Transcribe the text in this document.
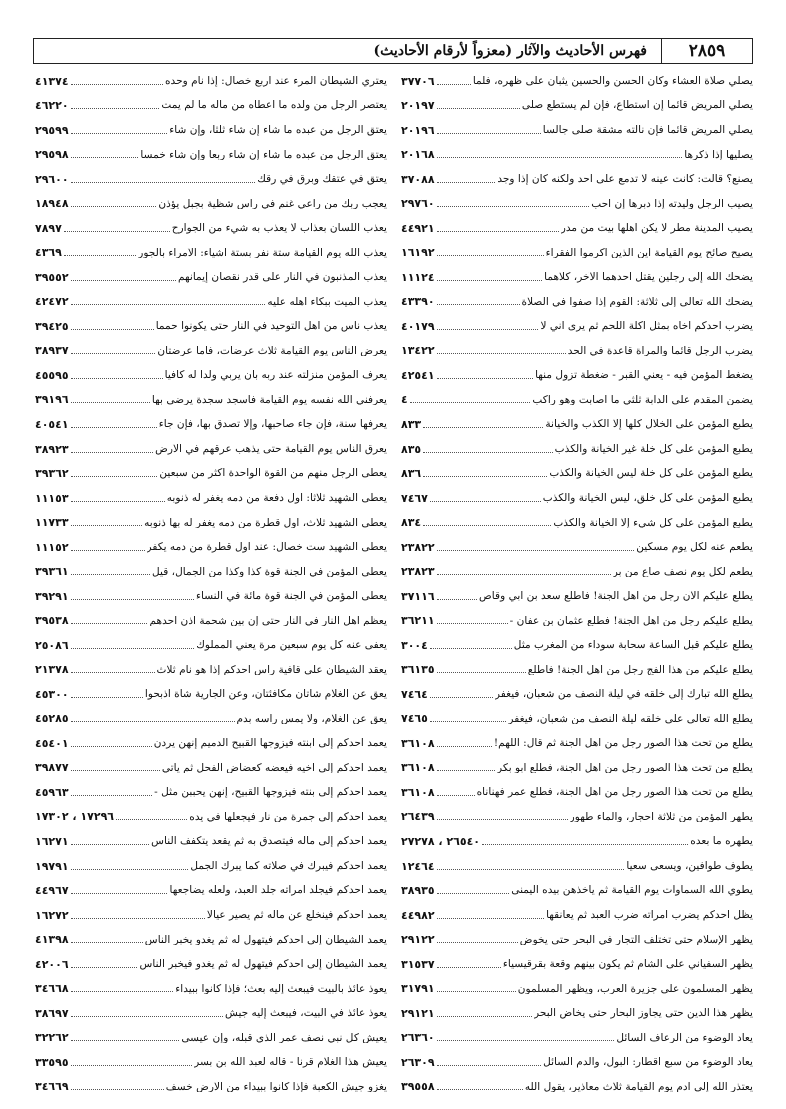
٢٨٥٩
فهرس الأحاديث والآثار (معزواً لأرقام الأحاديث)
يصلي صلاة العشاء وكان الحسن والحسين يثبان على ظهره، فلما
٣٧٧٠٦
يصلي المريض قائما إن استطاع، فإن لم يستطع صلى
٢٠١٩٧
يصلي المريض قائما فإن نالته مشقة صلى جالسا
٢٠١٩٦
يصليها إذا ذكرها
٢٠١٦٨
يصنع؟ قالت: كانت عينه لا تدمع على أحد ولكنه كان إذا وجد
٣٧٠٨٨
يصيب الرجل وليدته إذا دبرها إن أحب
٢٩٧٦٠
يصيب المدينة مطر لا يكن أهلها بيت من مدر
٤٤٩٢١
يصيح صائح يوم القيامة أين الذين أكرموا الفقراء
١٦١٩٢
يضحك الله إلى رجلين يقتل أحدهما الآخر، كلاهما
١١١٢٤
يضحك الله تعالى إلى ثلاثة: القوم إذا صفوا في الصلاة
٤٣٣٩٠
يضرب أحدكم أخاه بمثل آكلة اللحم ثم يرى أني لا
٤٠١٧٩
يضرب الرجل قائماً والمرأة قاعدة في الحد
١٣٤٢٢
يضغط المؤمن فيه - يعني القبر - ضغطة تزول منها
٤٢٥٤١
يضمن المقدم على الدابة ثلثي ما أصابت وهو راكب
٤
يطبع المؤمن على الخلال كلها إلا الكذب والخيانة
٨٣٣
يطبع المؤمن على كل خلة غير الخيانة والكذب
٨٣٥
يطبع المؤمن على كل خلة ليس الخيانة والكذب
٨٣٦
يطبع المؤمن على كل خلق، ليس الخيانة والكذب
٧٤٦٧
يطبع المؤمن على كل شيء إلا الخيانة والكذب
٨٣٤
يطعم عنه لكل يوم مسكين
٢٣٨٢٢
يطعم لكل يوم نصف صاع من بر
٢٣٨٢٣
يطلع عليكم الآن رجل من أهل الجنة! فاطلع سعد بن أبي وقاص
٣٧١١٦
يطلع عليكم رجل من أهل الجنة! فطلع عثمان بن عفان -
٣٦٢١١
يطلع عليكم قبل الساعة سحابة سوداء من المغرب مثل
٣٠٠٤
يطلع عليكم من هذا الفج رجل من أهل الجنة! فاطلع
٣٦١٣٥
يطلع الله تبارك إلى خلقه في ليلة النصف من شعبان، فيغفر
٧٤٦٤
يطلع الله تعالى على خلقه ليلة النصف من شعبان، فيغفر
٧٤٦٥
يطلع من تحت هذا الصور رجل من أهل الجنة ثم قال: اللهم!
٣٦١٠٨
يطلع من تحت هذا الصور رجل من أهل الجنة، فطلع أبو بكر
٣٦١٠٨
يطلع من تحت هذا الصور رجل من أهل الجنة، فطلع عمر فهنأناه
٣٦١٠٨
يطهر المؤمن من ثلاثة أحجار، والماء طهور
٢٦٤٣٩
يطهره ما بعده
٢٦٥٤٠ ، ٢٧٢٧٨
يطوف طوافين، ويسعى سعيا
١٢٤٦٤
يطوي الله السماوات يوم القيامة ثم يأخذهن بيده اليمنى
٣٨٩٣٥
يظل أحدكم يضرب امرأته ضرب العبد ثم يعانقها
٤٤٩٨٢
يظهر الإسلام حتى تختلف التجار في البحر حتى يخوض
٢٩١٢٢
يظهر السفياني على الشام ثم يكون بينهم وقعة بقرقيسياء
٣١٥٣٧
يظهر المسلمون على جزيرة العرب، ويظهر المسلمون
٣١٧٩١
يظهر هذا الدين حتى يجاوز البحار حتى يخاض البحر
٢٩١٢١
يعاد الوضوء من الرعاف السائل
٢٦٣٦٠
يعاد الوضوء من سبع أقطار: البول، والدم السائل
٢٦٣٠٩
يعتذر الله إلى آدم يوم القيامة ثلاث معاذير، يقول الله
٣٩٥٥٨
يعتري الشيطان المرء عند أربع خصال: إذا نام وحده
٤١٣٧٤
يعتصر الرجل من ولده ما أعطاه من ماله ما لم يمت
٤٦٢٢٠
يعتق الرجل من عبده ما شاء إن شاء ثلثا، وإن شاء
٢٩٥٩٩
يعتق الرجل من عبده ما شاء إن شاء ربعا وإن شاء خمسا
٢٩٥٩٨
يعتق في عتقك وبرق في رقك
٢٩٦٠٠
يعجب ربك من راعي غنم في رأس شظية بجبل يؤذن
١٨٩٤٨
يعذب اللسان بعذاب لا يعذب به شيء من الجوارح
٧٨٩٧
يعذب الله يوم القيامة ستة نفر بستة أشياء: الأمراء بالجور
٤٣٦٩
يعذب المذنبون في النار على قدر نقصان إيمانهم
٣٩٥٥٢
يعذب الميت ببكاء أهله عليه
٤٢٤٧٢
يعذب ناس من أهل التوحيد في النار حتى يكونوا حمما
٣٩٤٢٥
يعرض الناس يوم القيامة ثلاث عرضات، فأما عرضتان
٣٨٩٣٧
يعرف المؤمن منزلته عند ربه بأن يربي ولدا له كافيا
٤٥٥٩٥
يعرفني الله نفسه يوم القيامة فأسجد سجدة يرضى بها
٣٩١٩٦
يعرفها سنة، فإن جاء صاحبها، وإلا تصدق بها، فإن جاء
٤٠٥٤١
يعرق الناس يوم القيامة حتى يذهب عرقهم في الأرض
٣٨٩٢٣
يعطى الرجل منهم من القوة الواحدة أكثر من سبعين
٣٩٣٦٢
يعطى الشهيد ثلاثا: أول دفعة من دمه يغفر له ذنوبه
١١١٥٣
يعطى الشهيد ثلاث، أول قطرة من دمه يغفر له بها ذنوبه
١١٧٣٣
يعطى الشهيد ست خصال: عند أول قطرة من دمه يكفر
١١١٥٢
يعطى المؤمن في الجنة قوة كذا وكذا من الجمال، قيل
٣٩٣٦١
يعطى المؤمن في الجنة قوة مائة في النساء
٣٩٢٩١
يعظم أهل النار في النار حتى إن بين شحمة أذن أحدهم
٣٩٥٣٨
يعفى عنه كل يوم سبعين مرة يعني المملوك
٢٥٠٨٦
يعقد الشيطان على قافية رأس أحدكم إذا هو نام ثلاث
٢١٣٧٨
يعق عن الغلام شاتان مكافئتان، وعن الجارية شاة اذبحوا
٤٥٣٠٠
يعق عن الغلام، ولا يمس رأسه بدم
٤٥٢٨٥
يعمد أحدكم إلى ابنته فيزوجها القبيح الدميم إنهن يردن
٤٥٤٠١
يعمد أحدكم إلى أخيه فيعضه كعضاض الفحل ثم يأتي
٣٩٨٧٧
يعمد أحدكم إلى بنته فيزوجها القبيح، إنهن يحببن مثل -
٤٥٩٦٣
يعمد أحدكم إلى جمرة من نار فيجعلها في يده
١٧٢٩٦ ، ١٧٣٠٢
يعمد أحدكم إلى ماله فيتصدق به ثم يقعد يتكفف الناس
١٦٢٧١
يعمد أحدكم فيبرك في صلاته كما يبرك الجمل
١٩٧٩١
يعمد أحدكم فيجلد امرأته جلد العبد، ولعله يضاجعها
٤٤٩٦٧
يعمد أحدكم فينخلع عن ماله ثم يصير عيالا
١٦٢٧٢
يعمد الشيطان إلى أحدكم فيتهول له ثم يغدو يخبر الناس
٤١٣٩٨
يعمد الشيطان إلى أحدكم فيتهول له ثم يغدو فيخبر الناس
٤٢٠٠٦
يعوذ عائذ بالبيت فيبعث إليه بعث؛ فإذا كانوا ببيداء
٣٤٦٦٨
يعوذ عائذ في البيت، فيبعث إليه جيش
٣٨٦٩٧
يعيش كل نبي نصف عمر الذي قبله، وإن عيسى
٣٢٢٦٢
يعيش هذا الغلام قرنا - قاله لعبد الله بن بسر
٣٣٥٩٥
يغزو جيش الكعبة فإذا كانوا ببيداء من الأرض خسف
٣٤٦٦٩
